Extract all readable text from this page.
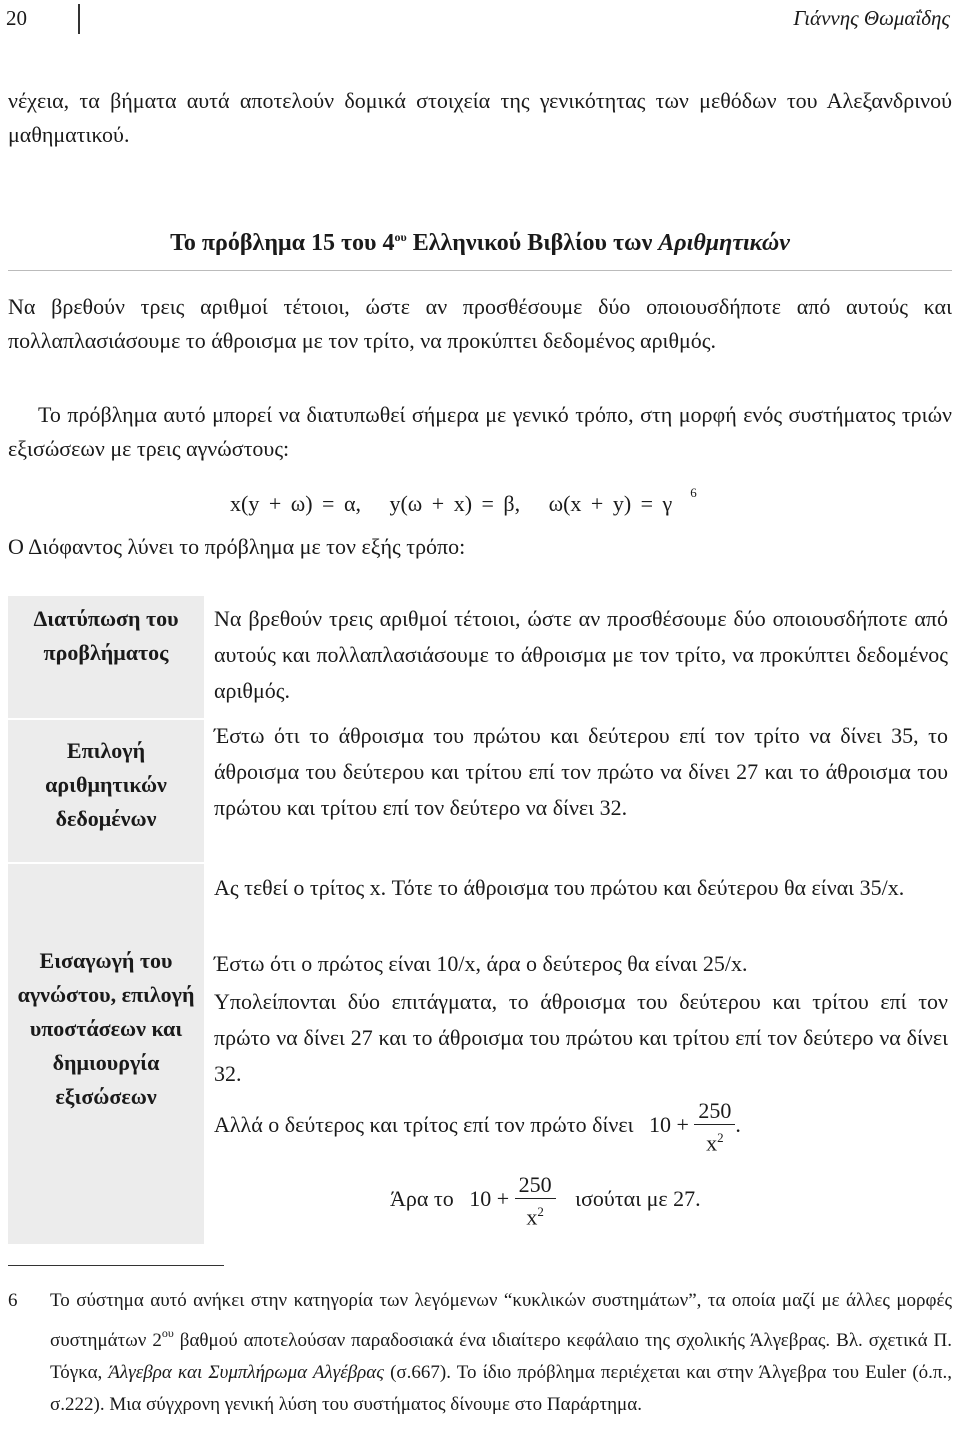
20	Γιάννης Θωμαΐδης
νέχεια, τα βήματα αυτά αποτελούν δομικά στοιχεία της γενικότητας των μεθόδων του Αλεξανδρινού μαθηματικού.
Το πρόβλημα 15 του $4^{o\upsilon}$ Ελληνικού Βιβλίου των Αριθμητικών
Να βρεθούν τρεις αριθμοί τέτοιοι, ώστε αν προσθέσουμε δύο οποιουσδήποτε από αυτούς και πολλαπλασιάσουμε το άθροισμα με τον τρίτο, να προκύπτει δεδομένος αριθμός.
Το πρόβλημα αυτό μπορεί να διατυπωθεί σήμερα με γενικό τρόπο, στη μορφή ενός συστήματος τριών εξισώσεων με τρεις αγνώστους:
x(y + ω) = α,   y(ω + x) = β,   ω(x + y) = γ $^6$
Ο Διόφαντος λύνει το πρόβλημα με τον εξής τρόπο:
Διατύπωση του προβλήματος
Επιλογή αριθμητικών δεδομένων
Εισαγωγή του αγνώστου, επιλογή υποστάσεων και δημιουργία εξισώσεων
Να βρεθούν τρεις αριθμοί τέτοιοι, ώστε αν προσθέσουμε δύο οποιουσδήποτε από αυτούς και πολλαπλασιάσουμε το άθροισμα με τον τρίτο, να προκύπτει δεδομένος αριθμός.
Έστω ότι το άθροισμα του πρώτου και δεύτερου επί τον τρίτο να δίνει 35, το άθροισμα του δεύτερου και τρίτου επί τον πρώτο να δίνει 27 και το άθροισμα του πρώτου και τρίτου επί τον δεύτερο να δίνει 32.
Ας τεθεί ο τρίτος x. Τότε το άθροισμα του πρώτου και δεύτερου θα είναι 35/x.
Έστω ότι ο πρώτος είναι 10/x, άρα ο δεύτερος θα είναι 25/x.
Υπολείπονται δύο επιτάγματα, το άθροισμα του δεύτερου και τρίτου επί τον πρώτο να δίνει 27 και το άθροισμα του πρώτου και τρίτου επί τον δεύτερο να δίνει 32.
Αλλά ο δεύτερος και τρίτος επί τον πρώτο δίνει $10 + \frac{250}{x^2}$ .
Άρα το $10 + \frac{250}{x^2}$ ισούται με 27.
6 Το σύστημα αυτό ανήκει στην κατηγορία των λεγόμενων “κυκλικών συστημάτων”, τα οποία μαζί με άλλες μορφές συστημάτων $2^{o\upsilon}$ βαθμού αποτελούσαν παραδοσιακά ένα ιδιαίτερο κεφάλαιο της σχολικής Άλγεβρας. Βλ. σχετικά Π. Τόγκα, Άλγεβρα και Συμπλήρωμα Αλγέβρας (σ.667). Το ίδιο πρόβλημα περιέχεται και στην Άλγεβρα του Euler (ό.π., σ.222). Μια σύγχρονη γενική λύση του συστήματος δίνουμε στο Παράρτημα.
